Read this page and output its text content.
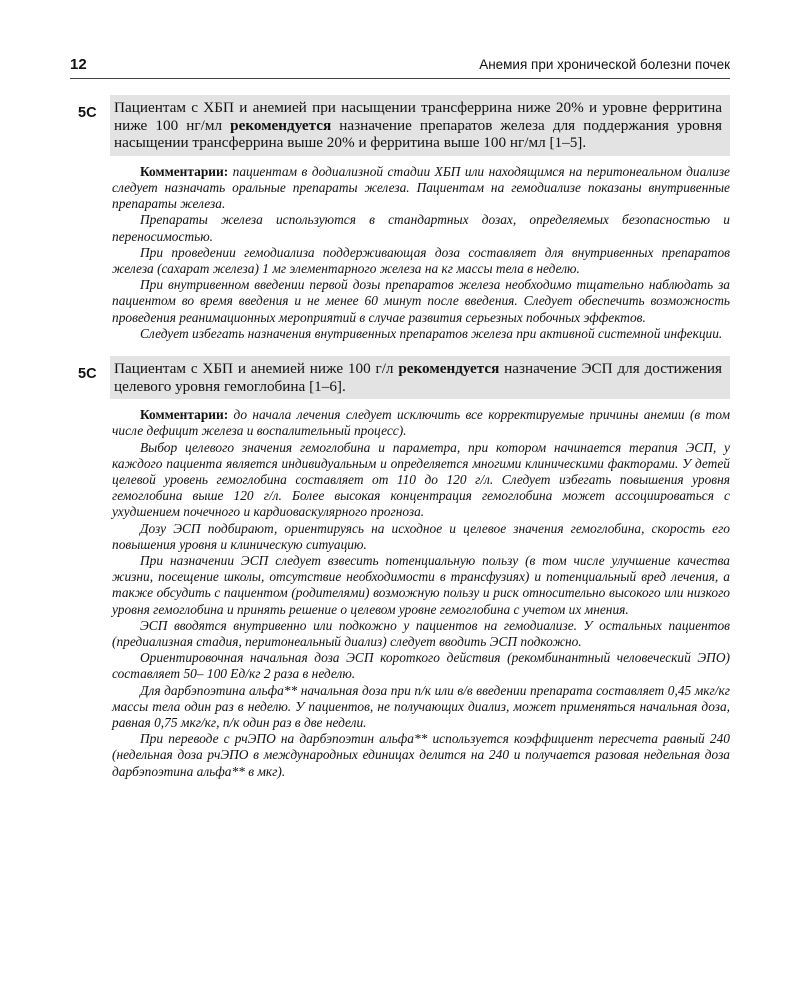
12	Анемия при хронической болезни почек
5С Пациентам с ХБП и анемией при насыщении трансферрина ниже 20% и уровне ферритина ниже 100 нг/мл рекомендуется назначение препаратов железа для поддержания уровня насыщении трансферрина выше 20% и ферритина выше 100 нг/мл [1–5].

Комментарии: пациентам в додиализной стадии ХБП или находящимся на перитонеальном диализе следует назначать оральные препараты железа. Пациентам на гемодиализе показаны внутривенные препараты железа.

Препараты железа используются в стандартных дозах, определяемых безопасностью и переносимостью.

При проведении гемодиализа поддерживающая доза составляет для внутривенных препаратов железа (сахарат железа) 1 мг элементарного железа на кг массы тела в неделю.

При внутривенном введении первой дозы препаратов железа необходимо тщательно наблюдать за пациентом во время введения и не менее 60 минут после введения. Следует обеспечить возможность проведения реанимационных мероприятий в случае развития серьезных побочных эффектов.

Следует избегать назначения внутривенных препаратов железа при активной системной инфекции.

5С Пациентам с ХБП и анемией ниже 100 г/л рекомендуется назначение ЭСП для достижения целевого уровня гемоглобина [1–6].

Комментарии: до начала лечения следует исключить все корректируемые причины анемии (в том числе дефицит железа и воспалительный процесс).

Выбор целевого значения гемоглобина и параметра, при котором начинается терапия ЭСП, у каждого пациента является индивидуальным и определяется многими клиническими факторами. У детей целевой уровень гемоглобина составляет от 110 до 120 г/л. Следует избегать повышения уровня гемоглобина выше 120 г/л. Более высокая концентрация гемоглобина может ассоциироваться с ухудшением почечного и кардиоваскулярного прогноза.

Дозу ЭСП подбирают, ориентируясь на исходное и целевое значения гемоглобина, скорость его повышения уровня и клиническую ситуацию.

При назначении ЭСП следует взвесить потенциальную пользу (в том числе улучшение качества жизни, посещение школы, отсутствие необходимости в трансфузиях) и потенциальный вред лечения, а также обсудить с пациентом (родителями) возможную пользу и риск относительно высокого или низкого уровня гемоглобина и принять решение о целевом уровне гемоглобина с учетом их мнения.

ЭСП вводятся внутривенно или подкожно у пациентов на гемодиализе. У остальных пациентов (предиализная стадия, перитонеальный диализ) следует вводить ЭСП подкожно.

Ориентировочная начальная доза ЭСП короткого действия (рекомбинантный человеческий ЭПО) составляет 50– 100 Ед/кг 2 раза в неделю.

Для дарбэпоэтина альфа** начальная доза при п/к или в/в введении препарата составляет 0,45 мкг/кг массы тела один раз в неделю. У пациентов, не получающих диализ, может применяться начальная доза, равная 0,75 мкг/кг, п/к один раз в две недели.

При переводе с рчЭПО на дарбэпоэтин альфа** используется коэффициент пересчета равный 240 (недельная доза рчЭПО в международных единицах делится на 240 и получается разовая недельная доза дарбэпоэтина альфа** в мкг).
